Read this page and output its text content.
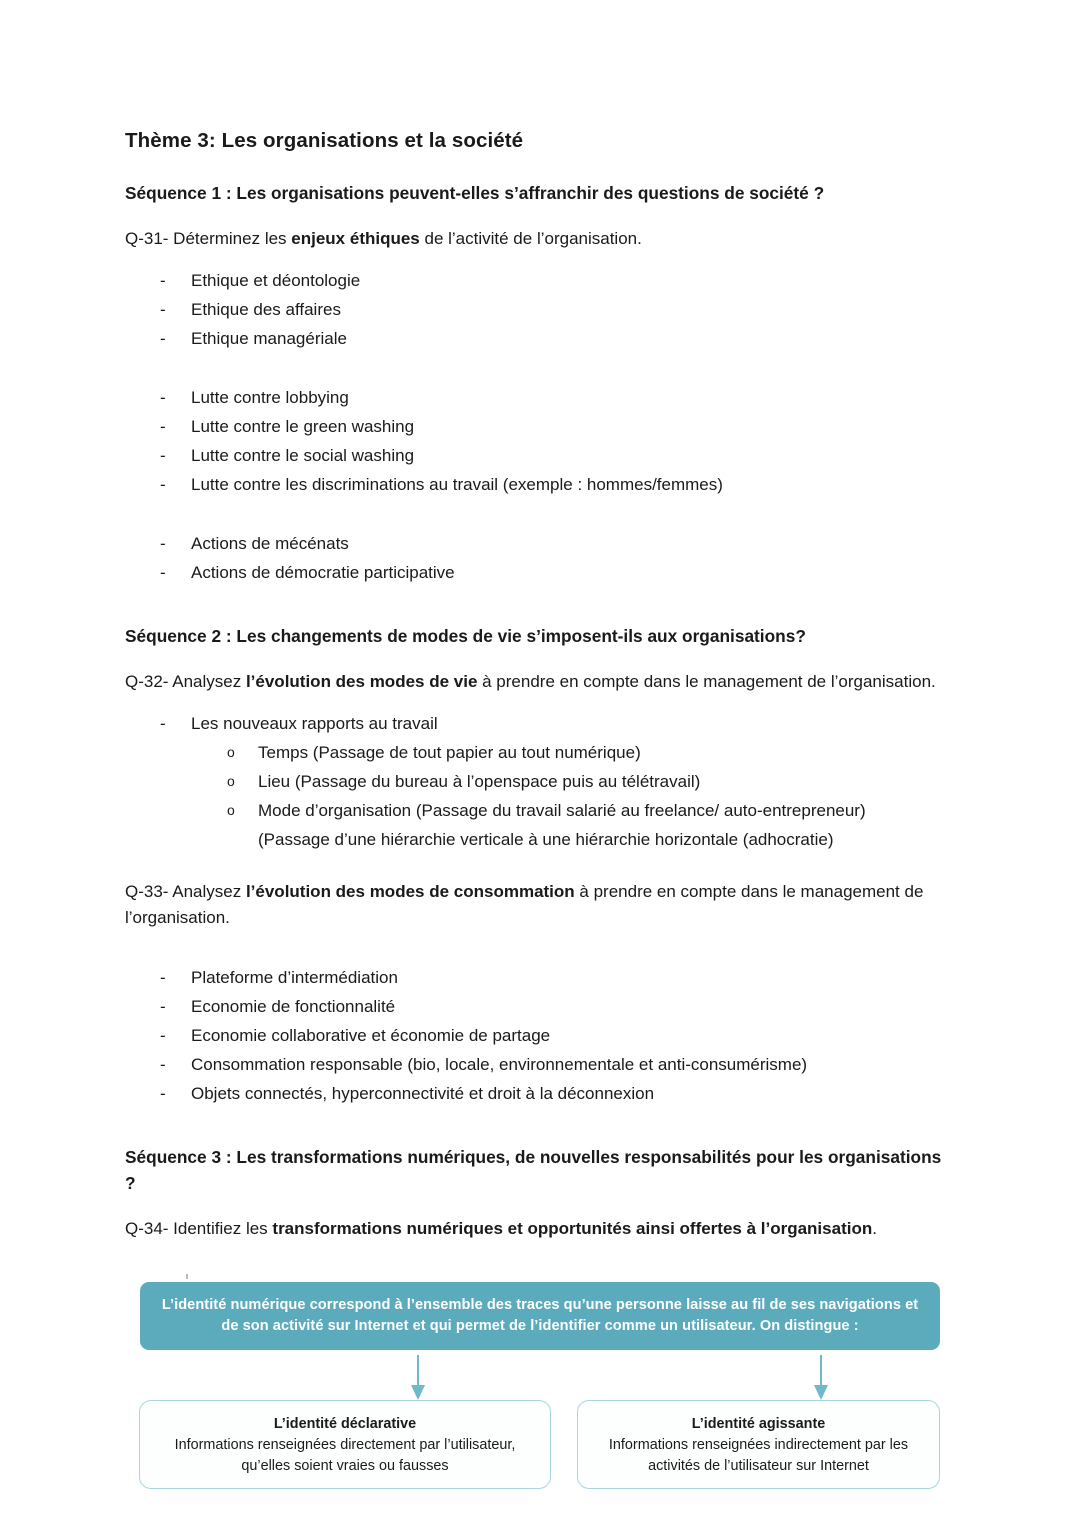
Thème 3: Les organisations et la société
Séquence 1 : Les organisations peuvent-elles s’affranchir des questions de société ?

Q-31- Déterminez les enjeux éthiques de l’activité de l’organisation.

- Ethique et déontologie
- Ethique des affaires
- Ethique managériale
- Lutte contre lobbying
- Lutte contre le green washing
- Lutte contre le social washing
- Lutte contre les discriminations au travail (exemple : hommes/femmes)
- Actions de mécénats
- Actions de démocratie participative
Séquence 2 : Les changements de modes de vie s’imposent-ils aux organisations?

Q-32- Analysez l’évolution des modes de vie à prendre en compte dans le management de l’organisation.

- Les nouveaux rapports au travail
o Temps (Passage de tout papier au tout numérique)
o Lieu (Passage du bureau à l’openspace puis au télétravail)
o Mode d’organisation (Passage du travail salarié au freelance/ auto-entrepreneur)
(Passage d’une hiérarchie verticale à une hiérarchie horizontale (adhocratie)

Q-33- Analysez l’évolution des modes de consommation à prendre en compte dans le management de l’organisation.

- Plateforme d’intermédiation
- Economie de fonctionnalité
- Economie collaborative et économie de partage
- Consommation responsable (bio, locale, environnementale et anti-consumérisme)
- Objets connectés, hyperconnectivité et droit à la déconnexion
Séquence 3 : Les transformations numériques, de nouvelles responsabilités pour les organisations ?

Q-34- Identifiez les transformations numériques et opportunités ainsi offertes à l’organisation.

L’identité numérique correspond à l’ensemble des traces qu’une personne laisse au fil de ses navigations et de son activité sur Internet et qui permet de l’identifier comme un utilisateur. On distingue :
L’identité déclarative
Informations renseignées directement par l’utilisateur, qu’elles soient vraies ou fausses
L’identité agissante
Informations renseignées indirectement par les activités de l’utilisateur sur Internet
